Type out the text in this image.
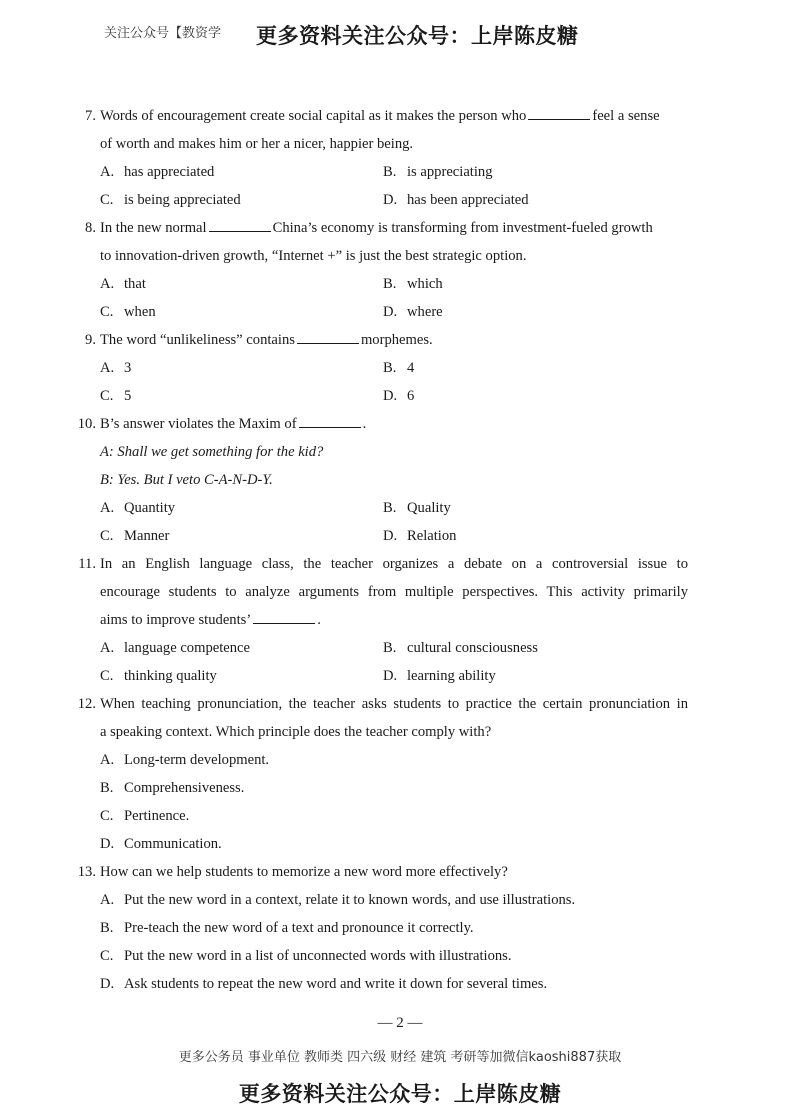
关注公众号【教资学 更多资料关注公众号：上岸陈皮糖
7. Words of encouragement create social capital as it makes the person who	feel a sense
of worth and makes him or her a nicer, happier being.
A. has appreciated	B. is appreciating
C. is being appreciated	D. has been appreciated
8. In the new normal	China’s economy is transforming from investment-fueled growth
to innovation-driven growth, “Internet +” is just the best strategic option.
A. that	B. which
C. when	D. where
9. The word “unlikeliness” contains	morphemes.
A. 3	B. 4
C. 5	D. 6
10. B’s answer violates the Maxim of	.
A: Shall we get something for the kid?
B: Yes. But I veto C-A-N-D-Y.
A. Quantity	B. Quality
C. Manner	D. Relation
11. In an English language class, the teacher organizes a debate on a controversial issue to
encourage students to analyze arguments from multiple perspectives. This activity primarily
aims to improve students’	.
A. language competence	B. cultural consciousness
C. thinking quality	D. learning ability
12. When teaching pronunciation, the teacher asks students to practice the certain pronunciation in
a speaking context. Which principle does the teacher comply with?
A. Long-term development.
B. Comprehensiveness.
C. Pertinence.
D. Communication.
13. How can we help students to memorize a new word more effectively?
A. Put the new word in a context, relate it to known words, and use illustrations.
B. Pre-teach the new word of a text and pronounce it correctly.
C. Put the new word in a list of unconnected words with illustrations.
D. Ask students to repeat the new word and write it down for several times.
— 2 —
更多公务员 事业单位 教师类 四六级 财经 建筑 考研等加微信kaoshi887获取
更多资料关注公众号：上岸陈皮糖
